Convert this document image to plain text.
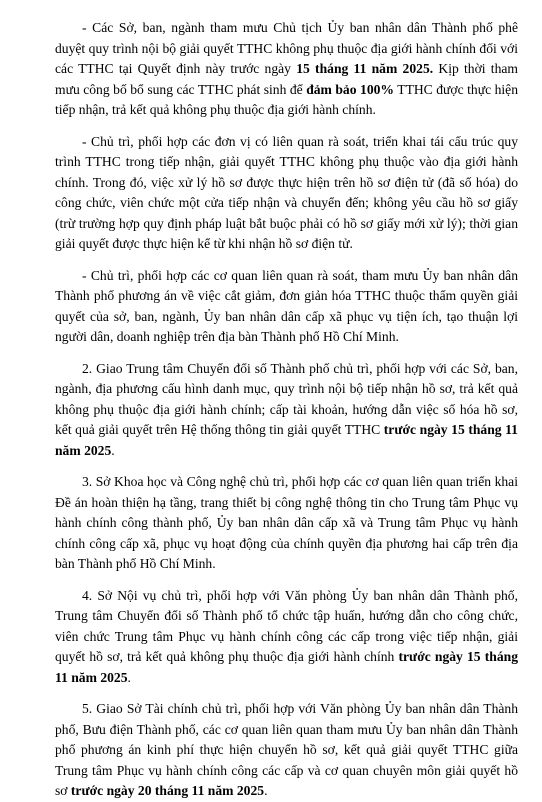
- Các Sở, ban, ngành tham mưu Chủ tịch Ủy ban nhân dân Thành phố phê duyệt quy trình nội bộ giải quyết TTHC không phụ thuộc địa giới hành chính đối với các TTHC tại Quyết định này trước ngày 15 tháng 11 năm 2025. Kịp thời tham mưu công bố bổ sung các TTHC phát sinh để đảm bảo 100% TTHC được thực hiện tiếp nhận, trả kết quả không phụ thuộc địa giới hành chính.

- Chủ trì, phối hợp các đơn vị có liên quan rà soát, triển khai tái cấu trúc quy trình TTHC trong tiếp nhận, giải quyết TTHC không phụ thuộc vào địa giới hành chính. Trong đó, việc xử lý hồ sơ được thực hiện trên hồ sơ điện tử (đã số hóa) do công chức, viên chức một cửa tiếp nhận và chuyển đến; không yêu cầu hồ sơ giấy (trừ trường hợp quy định pháp luật bắt buộc phải có hồ sơ giấy mới xử lý); thời gian giải quyết được thực hiện kể từ khi nhận hồ sơ điện tử.

- Chủ trì, phối hợp các cơ quan liên quan rà soát, tham mưu Ủy ban nhân dân Thành phố phương án về việc cắt giảm, đơn giản hóa TTHC thuộc thẩm quyền giải quyết của sở, ban, ngành, Ủy ban nhân dân cấp xã phục vụ tiện ích, tạo thuận lợi người dân, doanh nghiệp trên địa bàn Thành phố Hồ Chí Minh.

2. Giao Trung tâm Chuyển đổi số Thành phố chủ trì, phối hợp với các Sở, ban, ngành, địa phương cấu hình danh mục, quy trình nội bộ tiếp nhận hồ sơ, trả kết quả không phụ thuộc địa giới hành chính; cấp tài khoản, hướng dẫn việc số hóa hồ sơ, kết quả giải quyết trên Hệ thống thông tin giải quyết TTHC trước ngày 15 tháng 11 năm 2025.

3. Sở Khoa học và Công nghệ chủ trì, phối hợp các cơ quan liên quan triển khai Đề án hoàn thiện hạ tầng, trang thiết bị công nghệ thông tin cho Trung tâm Phục vụ hành chính công thành phố, Ủy ban nhân dân cấp xã và Trung tâm Phục vụ hành chính công cấp xã, phục vụ hoạt động của chính quyền địa phương hai cấp trên địa bàn Thành phố Hồ Chí Minh.

4. Sở Nội vụ chủ trì, phối hợp với Văn phòng Ủy ban nhân dân Thành phố, Trung tâm Chuyển đổi số Thành phố tổ chức tập huấn, hướng dẫn cho công chức, viên chức Trung tâm Phục vụ hành chính công các cấp trong việc tiếp nhận, giải quyết hồ sơ, trả kết quả không phụ thuộc địa giới hành chính trước ngày 15 tháng 11 năm 2025.

5. Giao Sở Tài chính chủ trì, phối hợp với Văn phòng Ủy ban nhân dân Thành phố, Bưu điện Thành phố, các cơ quan liên quan tham mưu Ủy ban nhân dân Thành phố phương án kinh phí thực hiện chuyển hồ sơ, kết quả giải quyết TTHC giữa Trung tâm Phục vụ hành chính công các cấp và cơ quan chuyên môn giải quyết hồ sơ trước ngày 20 tháng 11 năm 2025.
